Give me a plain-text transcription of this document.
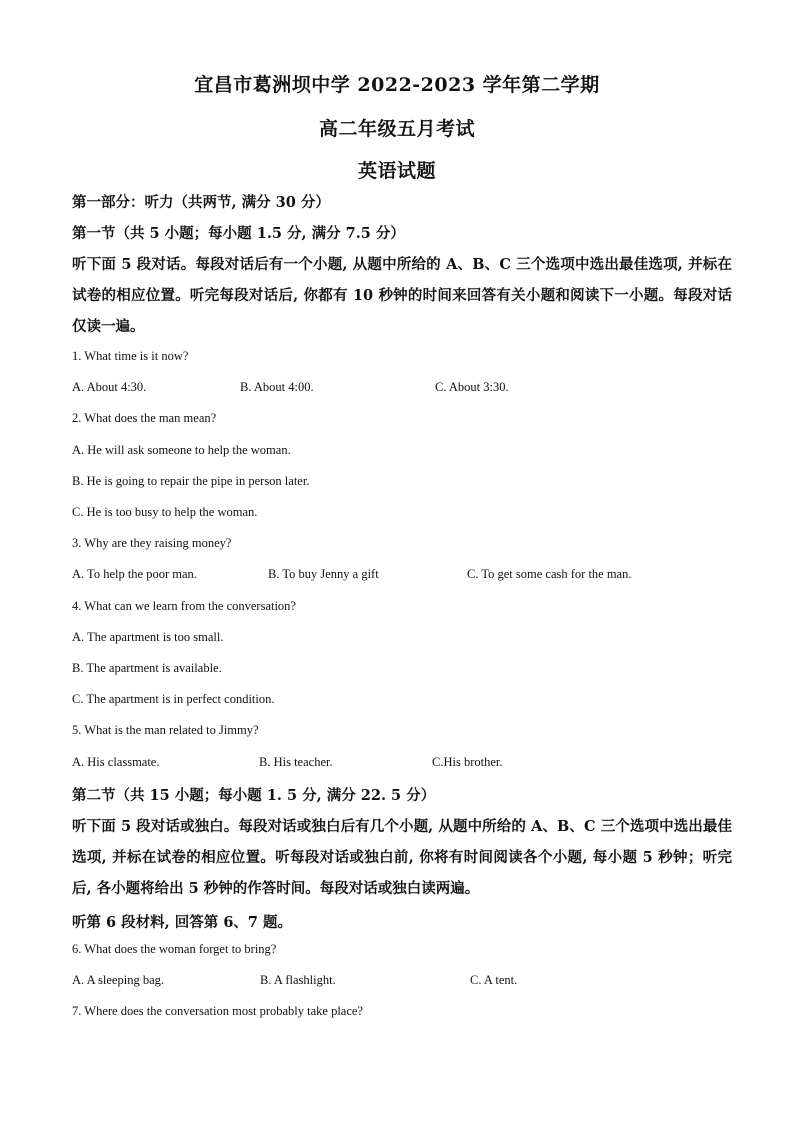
宜昌市葛洲坝中学 2022-2023 学年第二学期
高二年级五月考试
英语试题
第一部分：听力（共两节, 满分 30 分）
第一节（共 5 小题；每小题 1.5 分, 满分 7.5 分）
听下面 5 段对话。每段对话后有一个小题, 从题中所给的 A、B、C 三个选项中选出最佳选项, 并标在试卷的相应位置。听完每段对话后, 你都有 10 秒钟的时间来回答有关小题和阅读下一小题。每段对话仅读一遍。
1. What time is it now?
A. About 4:30.	B. About 4:00.	C. About 3:30.
2. What does the man mean?
A. He will ask someone to help the woman.
B. He is going to repair the pipe in person later.
C. He is too busy to help the woman.
3. Why are they raising money?
A. To help the poor man.	B. To buy Jenny a gift	C. To get some cash for the man.
4. What can we learn from the conversation?
A. The apartment is too small.
B. The apartment is available.
C. The apartment is in perfect condition.
5. What is the man related to Jimmy?
A. His classmate.	B. His teacher.	C.His brother.
第二节（共 15 小题；每小题 1. 5 分, 满分 22. 5 分）
听下面 5 段对话或独白。每段对话或独白后有几个小题, 从题中所给的 A、B、C 三个选项中选出最佳选项, 并标在试卷的相应位置。听每段对话或独白前, 你将有时间阅读各个小题, 每小题 5 秒钟；听完后, 各小题将给出 5 秒钟的作答时间。每段对话或独白读两遍。
听第 6 段材料, 回答第 6、7 题。
6. What does the woman forget to bring?
A. A sleeping bag.	B. A flashlight.	C. A tent.
7. Where does the conversation most probably take place?
